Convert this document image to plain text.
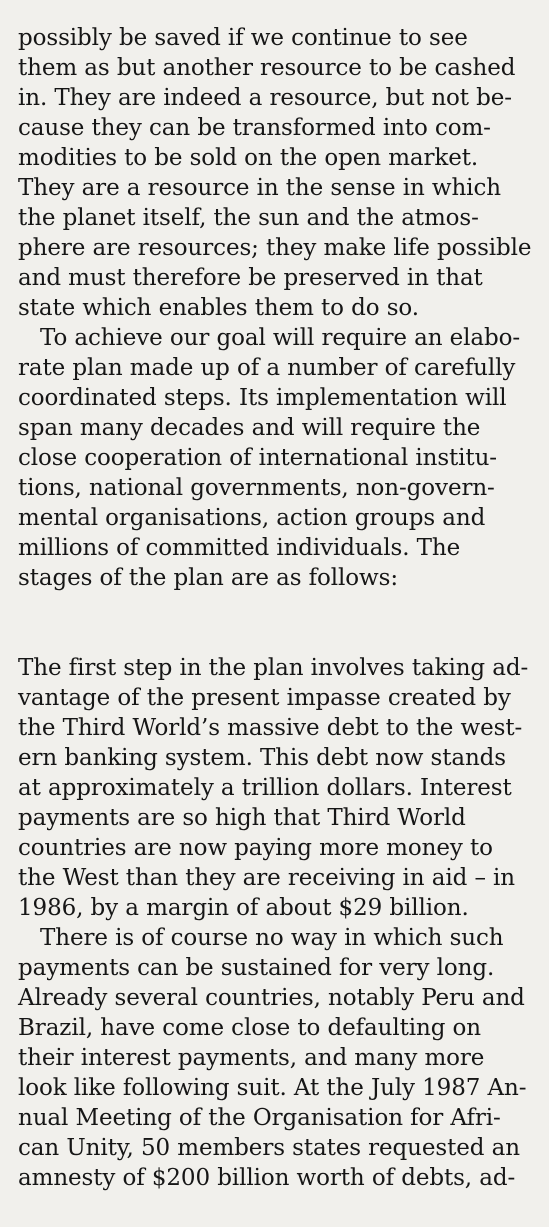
possibly be saved if we continue to see
them as but another resource to be cashed
in. They are indeed a resource, but not be-
cause they can be transformed into com-
modities to be sold on the open market.
They are a resource in the sense in which
the planet itself, the sun and the atmos-
phere are resources; they make life possible
and must therefore be preserved in that
state which enables them to do so.
To achieve our goal will require an elabo-
rate plan made up of a number of carefully
coordinated steps. Its implementation will
span many decades and will require the
close cooperation of international institu-
tions, national governments, non-govern-
mental organisations, action groups and
millions of committed individuals. The
stages of the plan are as follows:
The first step in the plan involves taking ad-
vantage of the present impasse created by
the Third World’s massive debt to the west-
ern banking system. This debt now stands
at approximately a trillion dollars. Interest
payments are so high that Third World
countries are now paying more money to
the West than they are receiving in aid – in
1986, by a margin of about $29 billion.
There is of course no way in which such
payments can be sustained for very long.
Already several countries, notably Peru and
Brazil, have come close to defaulting on
their interest payments, and many more
look like following suit. At the July 1987 An-
nual Meeting of the Organisation for Afri-
can Unity, 50 members states requested an
amnesty of $200 billion worth of debts, ad-
